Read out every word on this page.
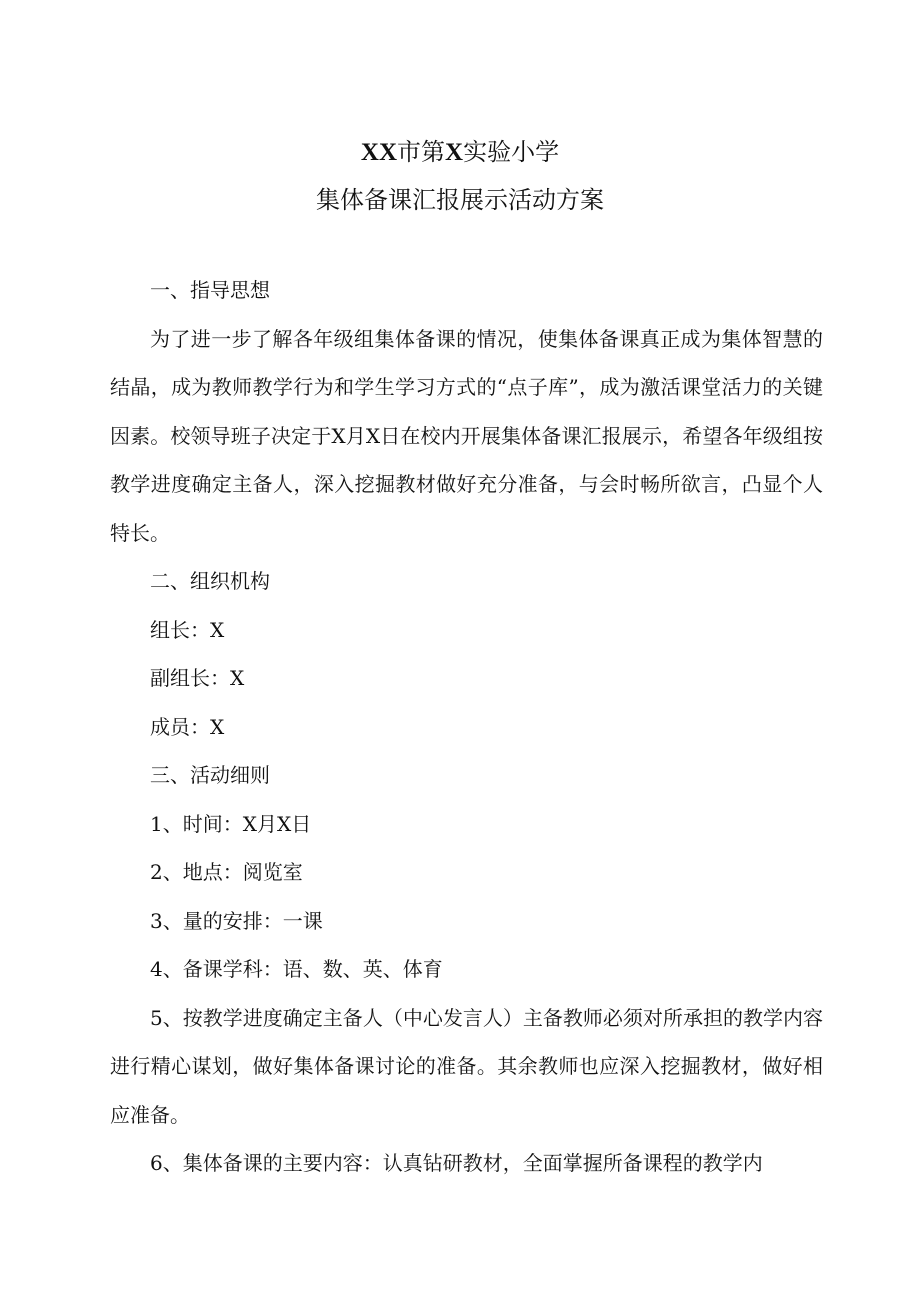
XX市第X实验小学
集体备课汇报展示活动方案

一、指导思想

为了进一步了解各年级组集体备课的情况，使集体备课真正成为集体智慧的结晶，成为教师教学行为和学生学习方式的“点子库”，成为激活课堂活力的关键因素。校领导班子决定于X月X日在校内开展集体备课汇报展示，希望各年级组按教学进度确定主备人，深入挖掘教材做好充分准备，与会时畅所欲言，凸显个人特长。

二、组织机构

组长：X

副组长：X

成员：X

三、活动细则

1、时间：X月X日

2、地点：阅览室

3、量的安排：一课

4、备课学科：语、数、英、体育

5、按教学进度确定主备人（中心发言人）主备教师必须对所承担的教学内容进行精心谋划，做好集体备课讨论的准备。其余教师也应深入挖掘教材，做好相应准备。

6、集体备课的主要内容：认真钻研教材，全面掌握所备课程的教学内
